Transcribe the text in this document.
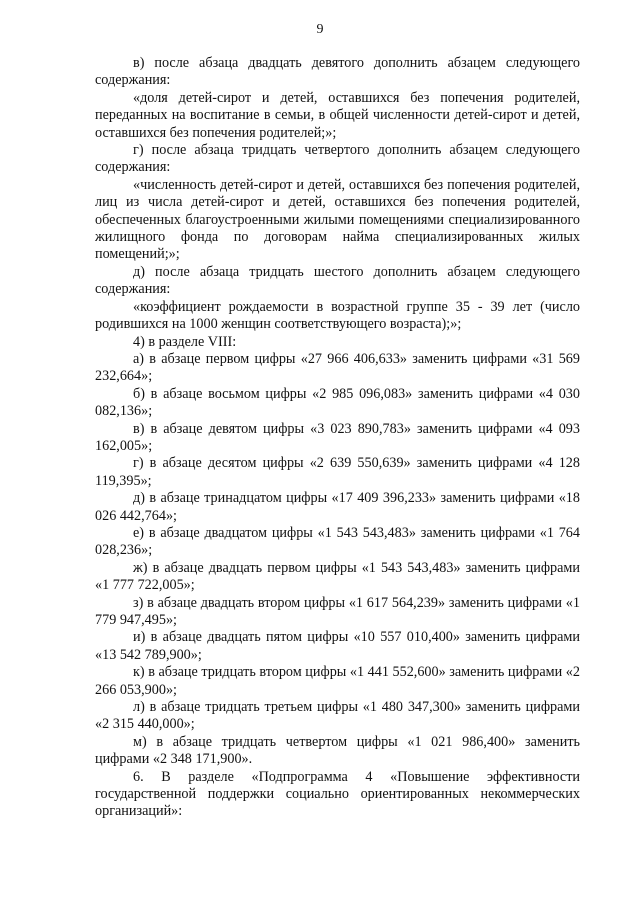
9

в) после абзаца двадцать девятого дополнить абзацем следующего содержания:

«доля детей-сирот и детей, оставшихся без попечения родителей, переданных на воспитание в семьи, в общей численности детей-сирот и детей, оставшихся без попечения родителей;»;

г) после абзаца тридцать четвертого дополнить абзацем следующего содержания:

«численность детей-сирот и детей, оставшихся без попечения родителей, лиц из числа детей-сирот и детей, оставшихся без попечения родителей, обеспеченных благоустроенными жилыми помещениями специализированного жилищного фонда по договорам найма специализированных жилых помещений;»;

д) после абзаца тридцать шестого дополнить абзацем следующего содержания:

«коэффициент рождаемости в возрастной группе 35 - 39 лет (число родившихся на 1000 женщин соответствующего возраста);»;

4) в разделе VIII:

а) в абзаце первом цифры «27 966 406,633» заменить цифрами «31 569 232,664»;

б) в абзаце восьмом цифры «2 985 096,083» заменить цифрами «4 030 082,136»;

в) в абзаце девятом цифры «3 023 890,783» заменить цифрами «4 093 162,005»;

г) в абзаце десятом цифры «2 639 550,639» заменить цифрами «4 128 119,395»;

д) в абзаце тринадцатом цифры «17 409 396,233» заменить цифрами «18 026 442,764»;

е) в абзаце двадцатом цифры «1 543 543,483» заменить цифрами «1 764 028,236»;

ж) в абзаце двадцать первом цифры «1 543 543,483» заменить цифрами «1 777 722,005»;

з) в абзаце двадцать втором цифры «1 617 564,239» заменить цифрами «1 779 947,495»;

и) в абзаце двадцать пятом цифры «10 557 010,400» заменить цифрами «13 542 789,900»;

к) в абзаце тридцать втором цифры «1 441 552,600» заменить цифрами «2 266 053,900»;

л) в абзаце тридцать третьем цифры «1 480 347,300» заменить цифрами «2 315 440,000»;

м) в абзаце тридцать четвертом цифры «1 021 986,400» заменить цифрами «2 348 171,900».

6. В разделе «Подпрограмма 4 «Повышение эффективности государственной поддержки социально ориентированных некоммерческих организаций»:
